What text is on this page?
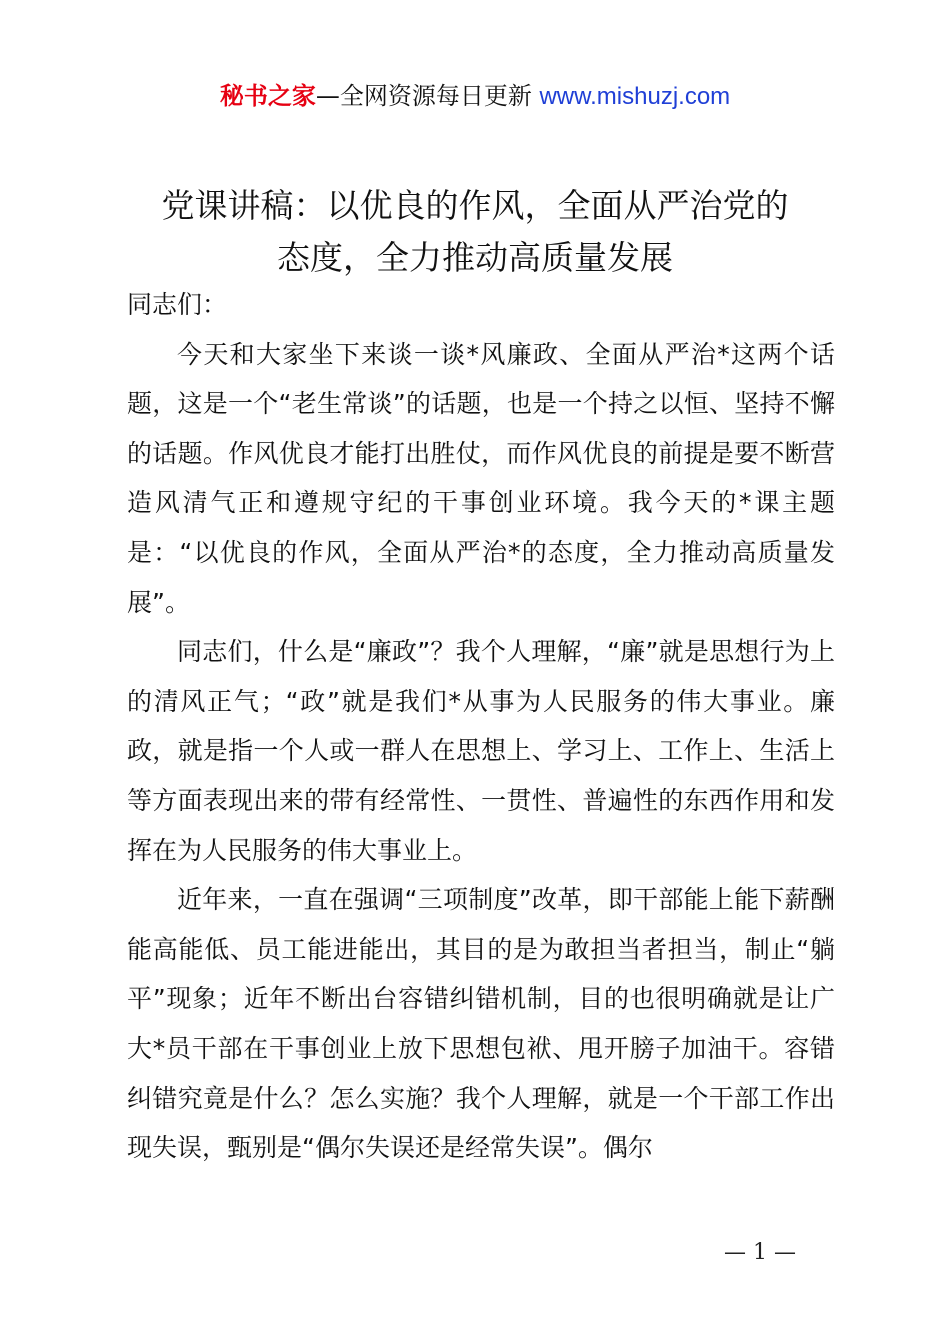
秘书之家—全网资源每日更新 www.mishuzj.com
党课讲稿：以优良的作风，全面从严治党的
态度，全力推动高质量发展

同志们：

今天和大家坐下来谈一谈*风廉政、全面从严治*这两个话题，这是一个“老生常谈”的话题，也是一个持之以恒、坚持不懈的话题。作风优良才能打出胜仗，而作风优良的前提是要不断营造风清气正和遵规守纪的干事创业环境。我今天的*课主题是：“以优良的作风，全面从严治*的态度，全力推动高质量发展”。

同志们，什么是“廉政”？我个人理解，“廉”就是思想行为上的清风正气；“政”就是我们*从事为人民服务的伟大事业。廉政，就是指一个人或一群人在思想上、学习上、工作上、生活上等方面表现出来的带有经常性、一贯性、普遍性的东西作用和发挥在为人民服务的伟大事业上。

近年来，一直在强调“三项制度”改革，即干部能上能下薪酬能高能低、员工能进能出，其目的是为敢担当者担当，制止“躺平”现象；近年不断出台容错纠错机制，目的也很明确就是让广大*员干部在干事创业上放下思想包袱、甩开膀子加油干。容错纠错究竟是什么？怎么实施？我个人理解，就是一个干部工作出现失误，甄别是“偶尔失误还是经常失误”。偶尔

— 1 —
